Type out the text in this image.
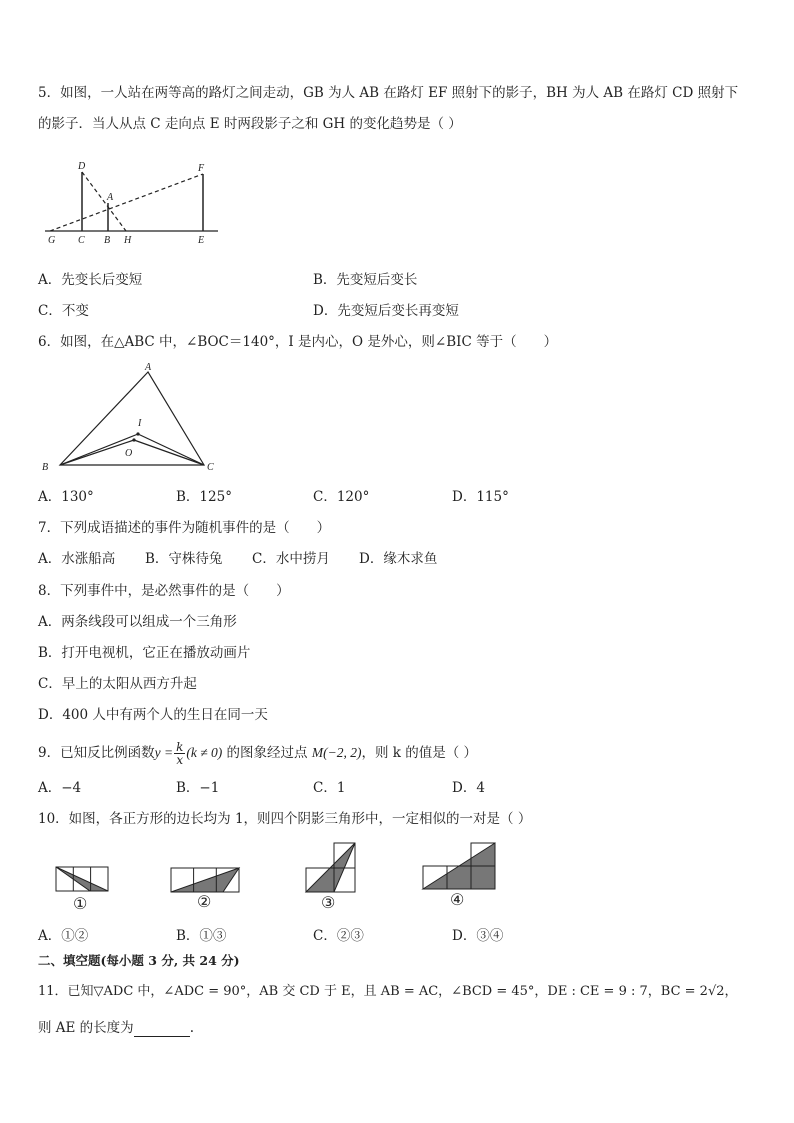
5．如图，一人站在两等高的路灯之间走动，GB 为人 AB 在路灯 EF 照射下的影子，BH 为人 AB 在路灯 CD 照射下
的影子．当人从点 C 走向点 E 时两段影子之和 GH 的变化趋势是（ ）
D	F
A
G C B H	E
A．先变长后变短	B．先变短后变长
C．不变	D．先变短后变长再变短
6．如图，在△ABC 中，∠BOC＝140°，I 是内心，O 是外心，则∠BIC 等于（　　）
A
I
O
B	C
A．130°	B．125°	C．120°	D．115°
7．下列成语描述的事件为随机事件的是（　　）
A．水涨船高 B．守株待兔 C．水中捞月 D．缘木求鱼
8．下列事件中，是必然事件的是（　　）
A．两条线段可以组成一个三角形
B．打开电视机，它正在播放动画片
C．早上的太阳从西方升起
D．400 人中有两个人的生日在同一天
9．已知反比例函数$y = \frac{k}{x} (k \ne 0)$ 的图象经过点 M(−2, 2)，则 k 的值是（ ）
A．−4	B．−1	C．1	D．4
10．如图，各正方形的边长均为 1，则四个阴影三角形中，一定相似的一对是（ ）
①	②	③	④
A．①②	B．①③	C．②③	D．③④
二、填空题(每小题 3 分, 共 24 分)
11．已知▽ADC 中，∠ADC = 90°，AB 交 CD 于 E，且 AB = AC，∠BCD = 45°，DE : CE = 9 : 7，BC = 2√2，
则 AE 的长度为	.
